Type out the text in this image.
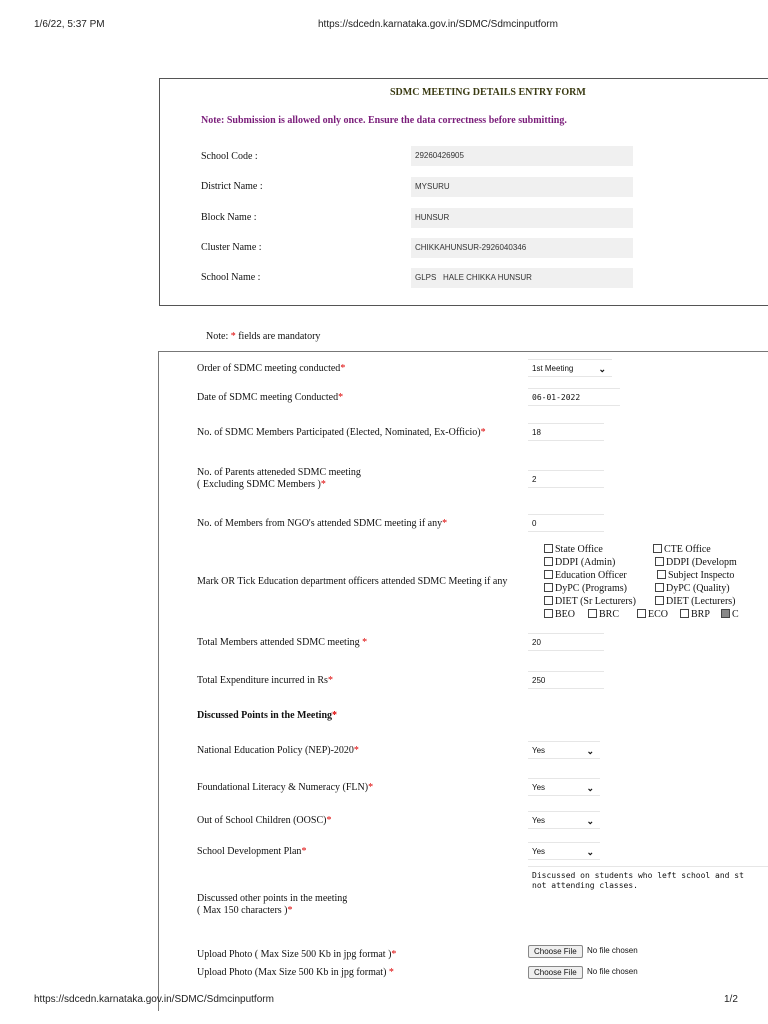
1/6/22, 5:37 PM	https://sdcedn.karnataka.gov.in/SDMC/Sdmcinputform
SDMC MEETING DETAILS ENTRY FORM
Note: Submission is allowed only once. Ensure the data correctness before submitting.
School Code :	29260426905
District Name :	MYSURU
Block Name :	HUNSUR
Cluster Name :	CHIKKAHUNSUR-2926040346
School Name :	GLPS   HALE CHIKKA HUNSUR
Note: * fields are mandatory
Order of SDMC meeting conducted*	1st Meeting	⌄
Date of SDMC meeting Conducted*	06-01-2022
No. of SDMC Members Participated (Elected, Nominated, Ex-Officio)*	18
No. of Parents atteneded SDMC meeting
( Excluding SDMC Members )*	2
No. of Members from NGO's attended SDMC meeting if any*	0
Mark OR Tick Education department officers attended SDMC Meeting if any
State Office	CTE Office
DDPI (Admin)	DDPI (Developm
Education Officer	Subject Inspecto
DyPC (Programs)	DyPC (Quality)
DIET (Sr Lecturers)	DIET (Lecturers)
BEO	BRC	ECO	BRP	C
Total Members attended SDMC meeting *	20
Total Expenditure incurred in Rs*	250
Discussed Points in the Meeting*
National Education Policy (NEP)-2020*	Yes	⌄
Foundational Literacy & Numeracy (FLN)*	Yes	⌄
Out of School Children (OOSC)*	Yes	⌄
School Development Plan*	Yes	⌄
Discussed other points in the meeting
( Max 150 characters )*
Discussed on students who left school and st
not attending classes.
Upload Photo ( Max Size 500 Kb in jpg format )*	Choose File	No file chosen
Upload Photo (Max Size 500 Kb in jpg format) *	Choose File	No file chosen
https://sdcedn.karnataka.gov.in/SDMC/Sdmcinputform	1/2
